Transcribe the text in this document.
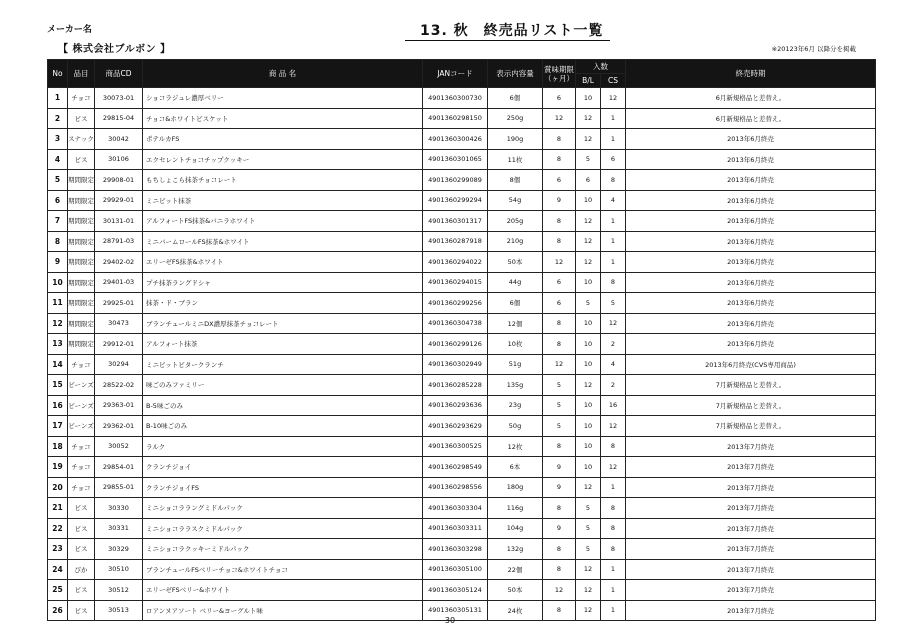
メーカー名
【 株式会社ブルボン 】
13. 秋　終売品リスト一覧
※20123年6月 以降分を掲載
No	品目	商品CD	商 品 名	JANコード	表示内容量	賞味期限（ヶ月）	入数		終売時期
							B/L	CS	
1	チョコ	30073-01	ショコラジュレ濃厚ベリー	4901360300730	6個	6	10	12	6月新規格品と差替え。
2	ビス	29815-04	チョコ&ホワイトビスケット	4901360298150	250g	12	12	1	6月新規格品と差替え。
3	スナック	30042	ポテルカFS	4901360300426	190g	8	12	1	2013年6月終売
4	ビス	30106	エクセレントチョコチップクッキー	4901360301065	11枚	8	5	6	2013年6月終売
5	期間限定	29908-01	もちしょこら抹茶チョコレート	4901360299089	8個	6	6	8	2013年6月終売
6	期間限定	29929-01	ミニビット抹茶	4901360299294	54g	9	10	4	2013年6月終売
7	期間限定	30131-01	アルフォートFS抹茶&バニラホワイト	4901360301317	205g	8	12	1	2013年6月終売
8	期間限定	28791-03	ミニバームロールFS抹茶&ホワイト	4901360287918	210g	8	12	1	2013年6月終売
9	期間限定	29402-02	エリーゼFS抹茶&ホワイト	4901360294022	50本	12	12	1	2013年6月終売
10	期間限定	29401-03	プチ抹茶ラングドシャ	4901360294015	44g	6	10	8	2013年6月終売
11	期間限定	29925-01	抹茶・ド・ブラン	4901360299256	6個	6	5	5	2013年6月終売
12	期間限定	30473	ブランチュールミニDX濃厚抹茶チョコレート	4901360304738	12個	8	10	12	2013年6月終売
13	期間限定	29912-01	アルフォート抹茶	4901360299126	10枚	8	10	2	2013年6月終売
14	チョコ	30294	ミニビットビタークランチ	4901360302949	51g	12	10	4	2013年6月終売(CVS専用商品)
15	ビーンズ	28522-02	味ごのみファミリー	4901360285228	135g	5	12	2	7月新規格品と差替え。
16	ビーンズ	29363-01	B-5味ごのみ	4901360293636	23g	5	10	16	7月新規格品と差替え。
17	ビーンズ	29362-01	B-10味ごのみ	4901360293629	50g	5	10	12	7月新規格品と差替え。
18	チョコ	30052	ラルク	4901360300525	12枚	8	10	8	2013年7月終売
19	チョコ	29854-01	クランチジョイ	4901360298549	6本	9	10	12	2013年7月終売
20	チョコ	29855-01	クランチジョイFS	4901360298556	180g	9	12	1	2013年7月終売
21	ビス	30330	ミニショコララングミドルパック	4901360303304	116g	8	5	8	2013年7月終売
22	ビス	30331	ミニショコララスクミドルパック	4901360303311	104g	9	5	8	2013年7月終売
23	ビス	30329	ミニショコラクッキーミドルパック	4901360303298	132g	8	5	8	2013年7月終売
24	びか	30510	ブランチュールFSベリーチョコ&ホワイトチョコ	4901360305100	22個	8	12	1	2013年7月終売
25	ビス	30512	エリーゼFSベリー&ホワイト	4901360305124	50本	12	12	1	2013年7月終売
26	ビス	30513	ロアンヌアソート ベリー&ヨーグルト味	4901360305131	24枚	8	12	1	2013年7月終売
－ 30 －
